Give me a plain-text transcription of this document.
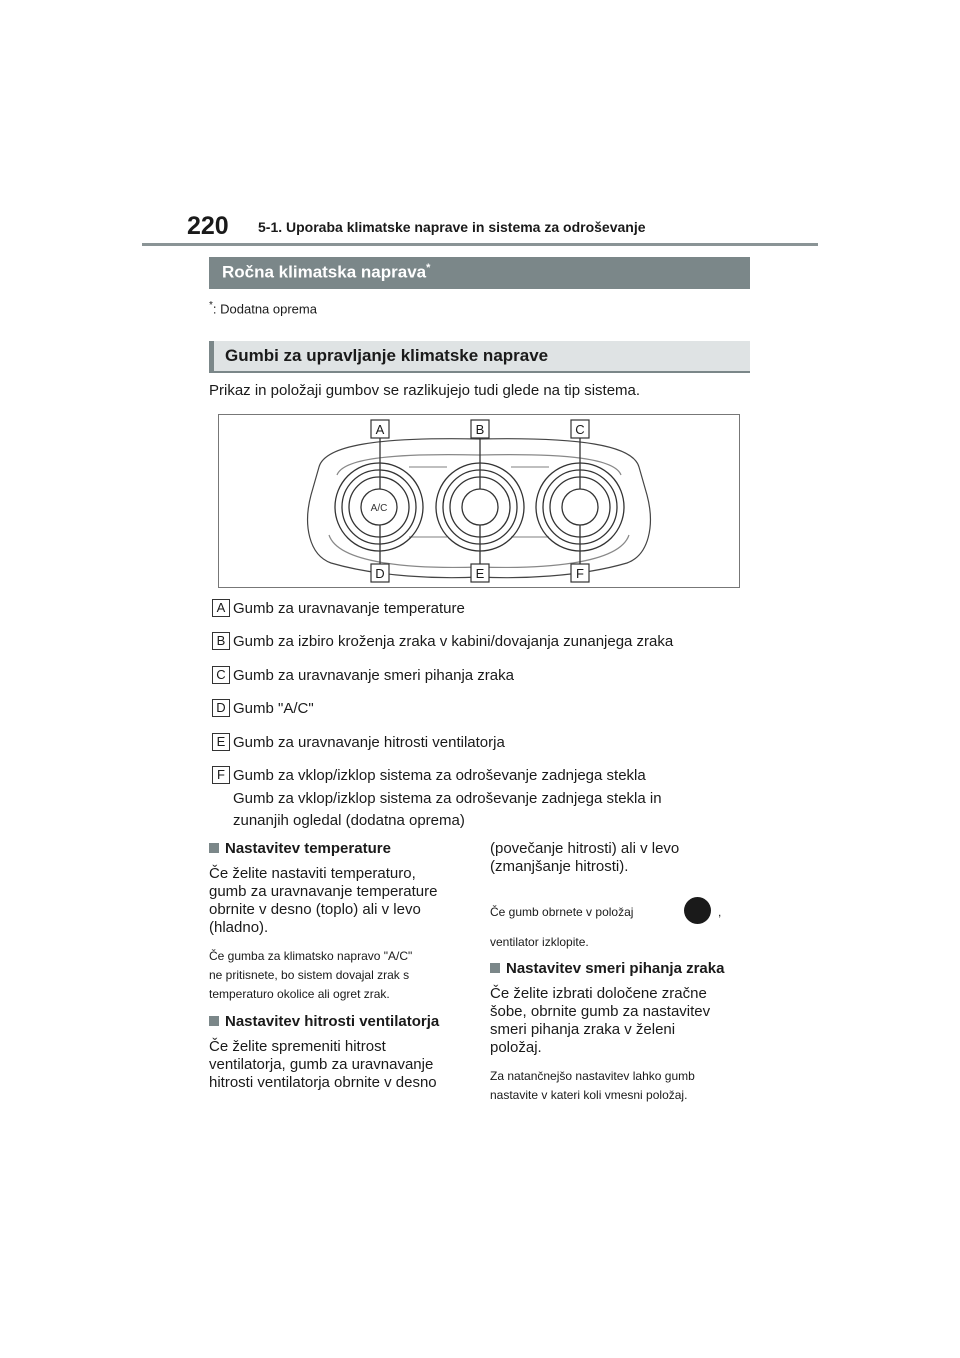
220 5-1. Uporaba klimatske naprave in sistema za odroševanje
Ročna klimatska naprava*
*: Dodatna oprema
Gumbi za upravljanje klimatske naprave
Prikaz in položaji gumbov se razlikujejo tudi glede na tip sistema.
A/C
A	B	C
D	E	F
A Gumb za uravnavanje temperature
B Gumb za izbiro kroženja zraka v kabini/dovajanja zunanjega zraka
C Gumb za uravnavanje smeri pihanja zraka
D Gumb "A/C"
E Gumb za uravnavanje hitrosti ventilatorja
F Gumb za vklop/izklop sistema za odroševanje zadnjega stekla
Gumb za vklop/izklop sistema za odroševanje zadnjega stekla in
zunanjih ogledal (dodatna oprema)
Nastavitev temperature
Če želite nastaviti temperaturo,
gumb za uravnavanje temperature
obrnite v desno (toplo) ali v levo
(hladno).
Če gumba za klimatsko napravo "A/C"
ne pritisnete, bo sistem dovajal zrak s
temperaturo okolice ali ogret zrak.
Nastavitev hitrosti ventilatorja
Če želite spremeniti hitrost
ventilatorja, gumb za uravnavanje
hitrosti ventilatorja obrnite v desno
(povečanje hitrosti) ali v levo
(zmanjšanje hitrosti).
Če gumb obrnete v položaj	,
ventilator izklopite.
Nastavitev smeri pihanja zraka
Če želite izbrati določene zračne
šobe, obrnite gumb za nastavitev
smeri pihanja zraka v želeni
položaj.
Za natančnejšo nastavitev lahko gumb
nastavite v kateri koli vmesni položaj.
